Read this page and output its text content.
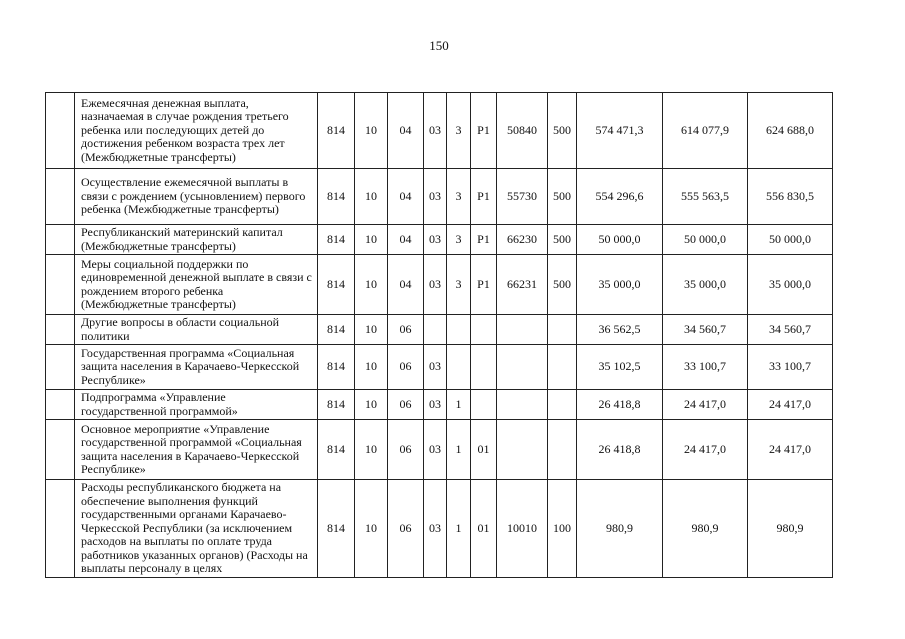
150
	Ежемесячная денежная выплата, назначаемая в случае рождения третьего ребенка или последующих детей до достижения ребенком возраста трех лет (Межбюджетные трансферты)	814	10	04	03	3	P1	50840	500	574 471,3	614 077,9	624 688,0
	Осуществление ежемесячной выплаты в связи с рождением (усыновлением) первого ребенка (Межбюджетные трансферты)	814	10	04	03	3	P1	55730	500	554 296,6	555 563,5	556 830,5
	Республиканский материнский капитал (Межбюджетные трансферты)	814	10	04	03	3	P1	66230	500	50 000,0	50 000,0	50 000,0
	Меры социальной поддержки по единовременной денежной выплате в связи с рождением второго ребенка (Межбюджетные трансферты)	814	10	04	03	3	P1	66231	500	35 000,0	35 000,0	35 000,0
	Другие вопросы в области социальной политики	814	10	06						36 562,5	34 560,7	34 560,7
	Государственная программа «Социальная защита населения в Карачаево-Черкесской Республике»	814	10	06	03					35 102,5	33 100,7	33 100,7
	Подпрограмма «Управление государственной программой»	814	10	06	03	1				26 418,8	24 417,0	24 417,0
	Основное мероприятие «Управление государственной программой «Социальная защита населения в Карачаево-Черкесской Республике»	814	10	06	03	1	01			26 418,8	24 417,0	24 417,0
	Расходы республиканского бюджета на обеспечение выполнения функций государственными органами Карачаево-Черкесской Республики (за исключением расходов на выплаты по оплате труда работников указанных органов) (Расходы на выплаты персоналу в целях	814	10	06	03	1	01	10010	100	980,9	980,9	980,9
